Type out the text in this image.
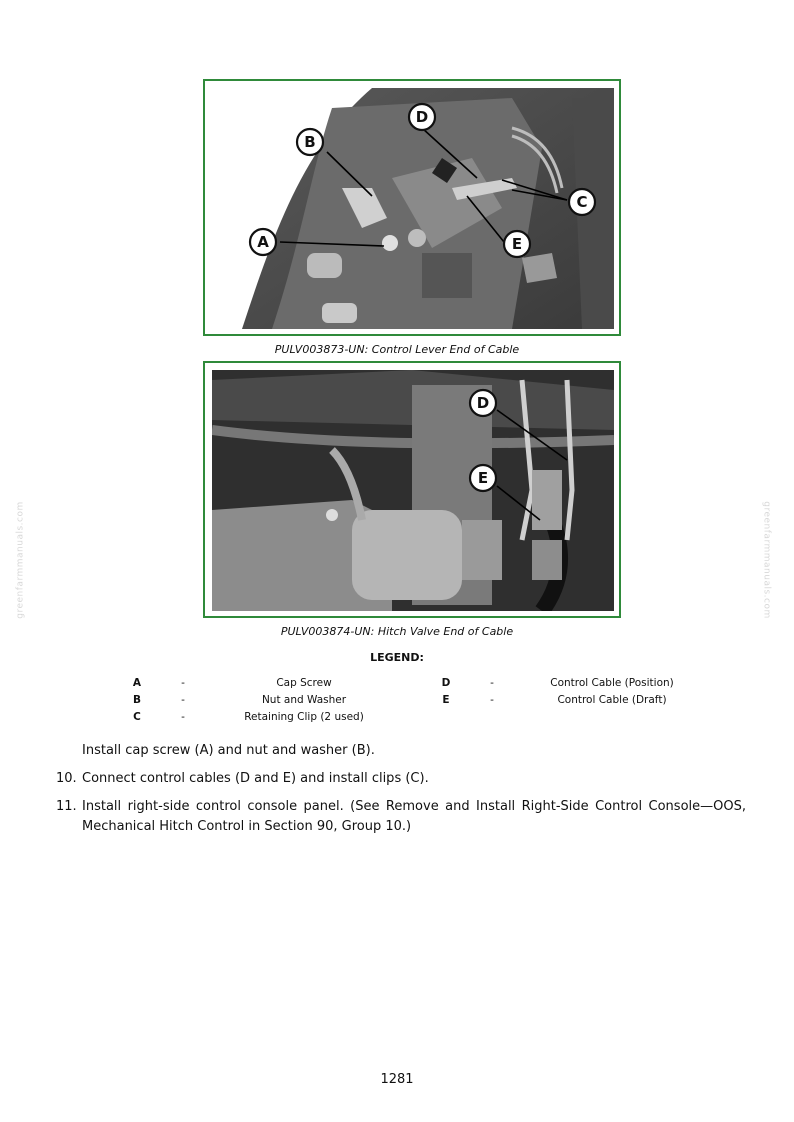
A
B
C
D
E
PULV003873-UN: Control Lever End of Cable
D
E
PULV003874-UN: Hitch Valve End of Cable
LEGEND:
A	-	Cap Screw
B	-	Nut and Washer
C	-	Retaining Clip (2 used)
D	-	Control Cable (Position)
E	-	Control Cable (Draft)
Install cap screw (A) and nut and washer (B).
10. Connect control cables (D and E) and install clips (C).
11. Install right-side control console panel. (See Remove and Install Right-Side Control Console—OOS, Mechanical Hitch Control in Section 90, Group 10.)
greenfarmmanuals.com	greenfarmmanuals.com
1281
